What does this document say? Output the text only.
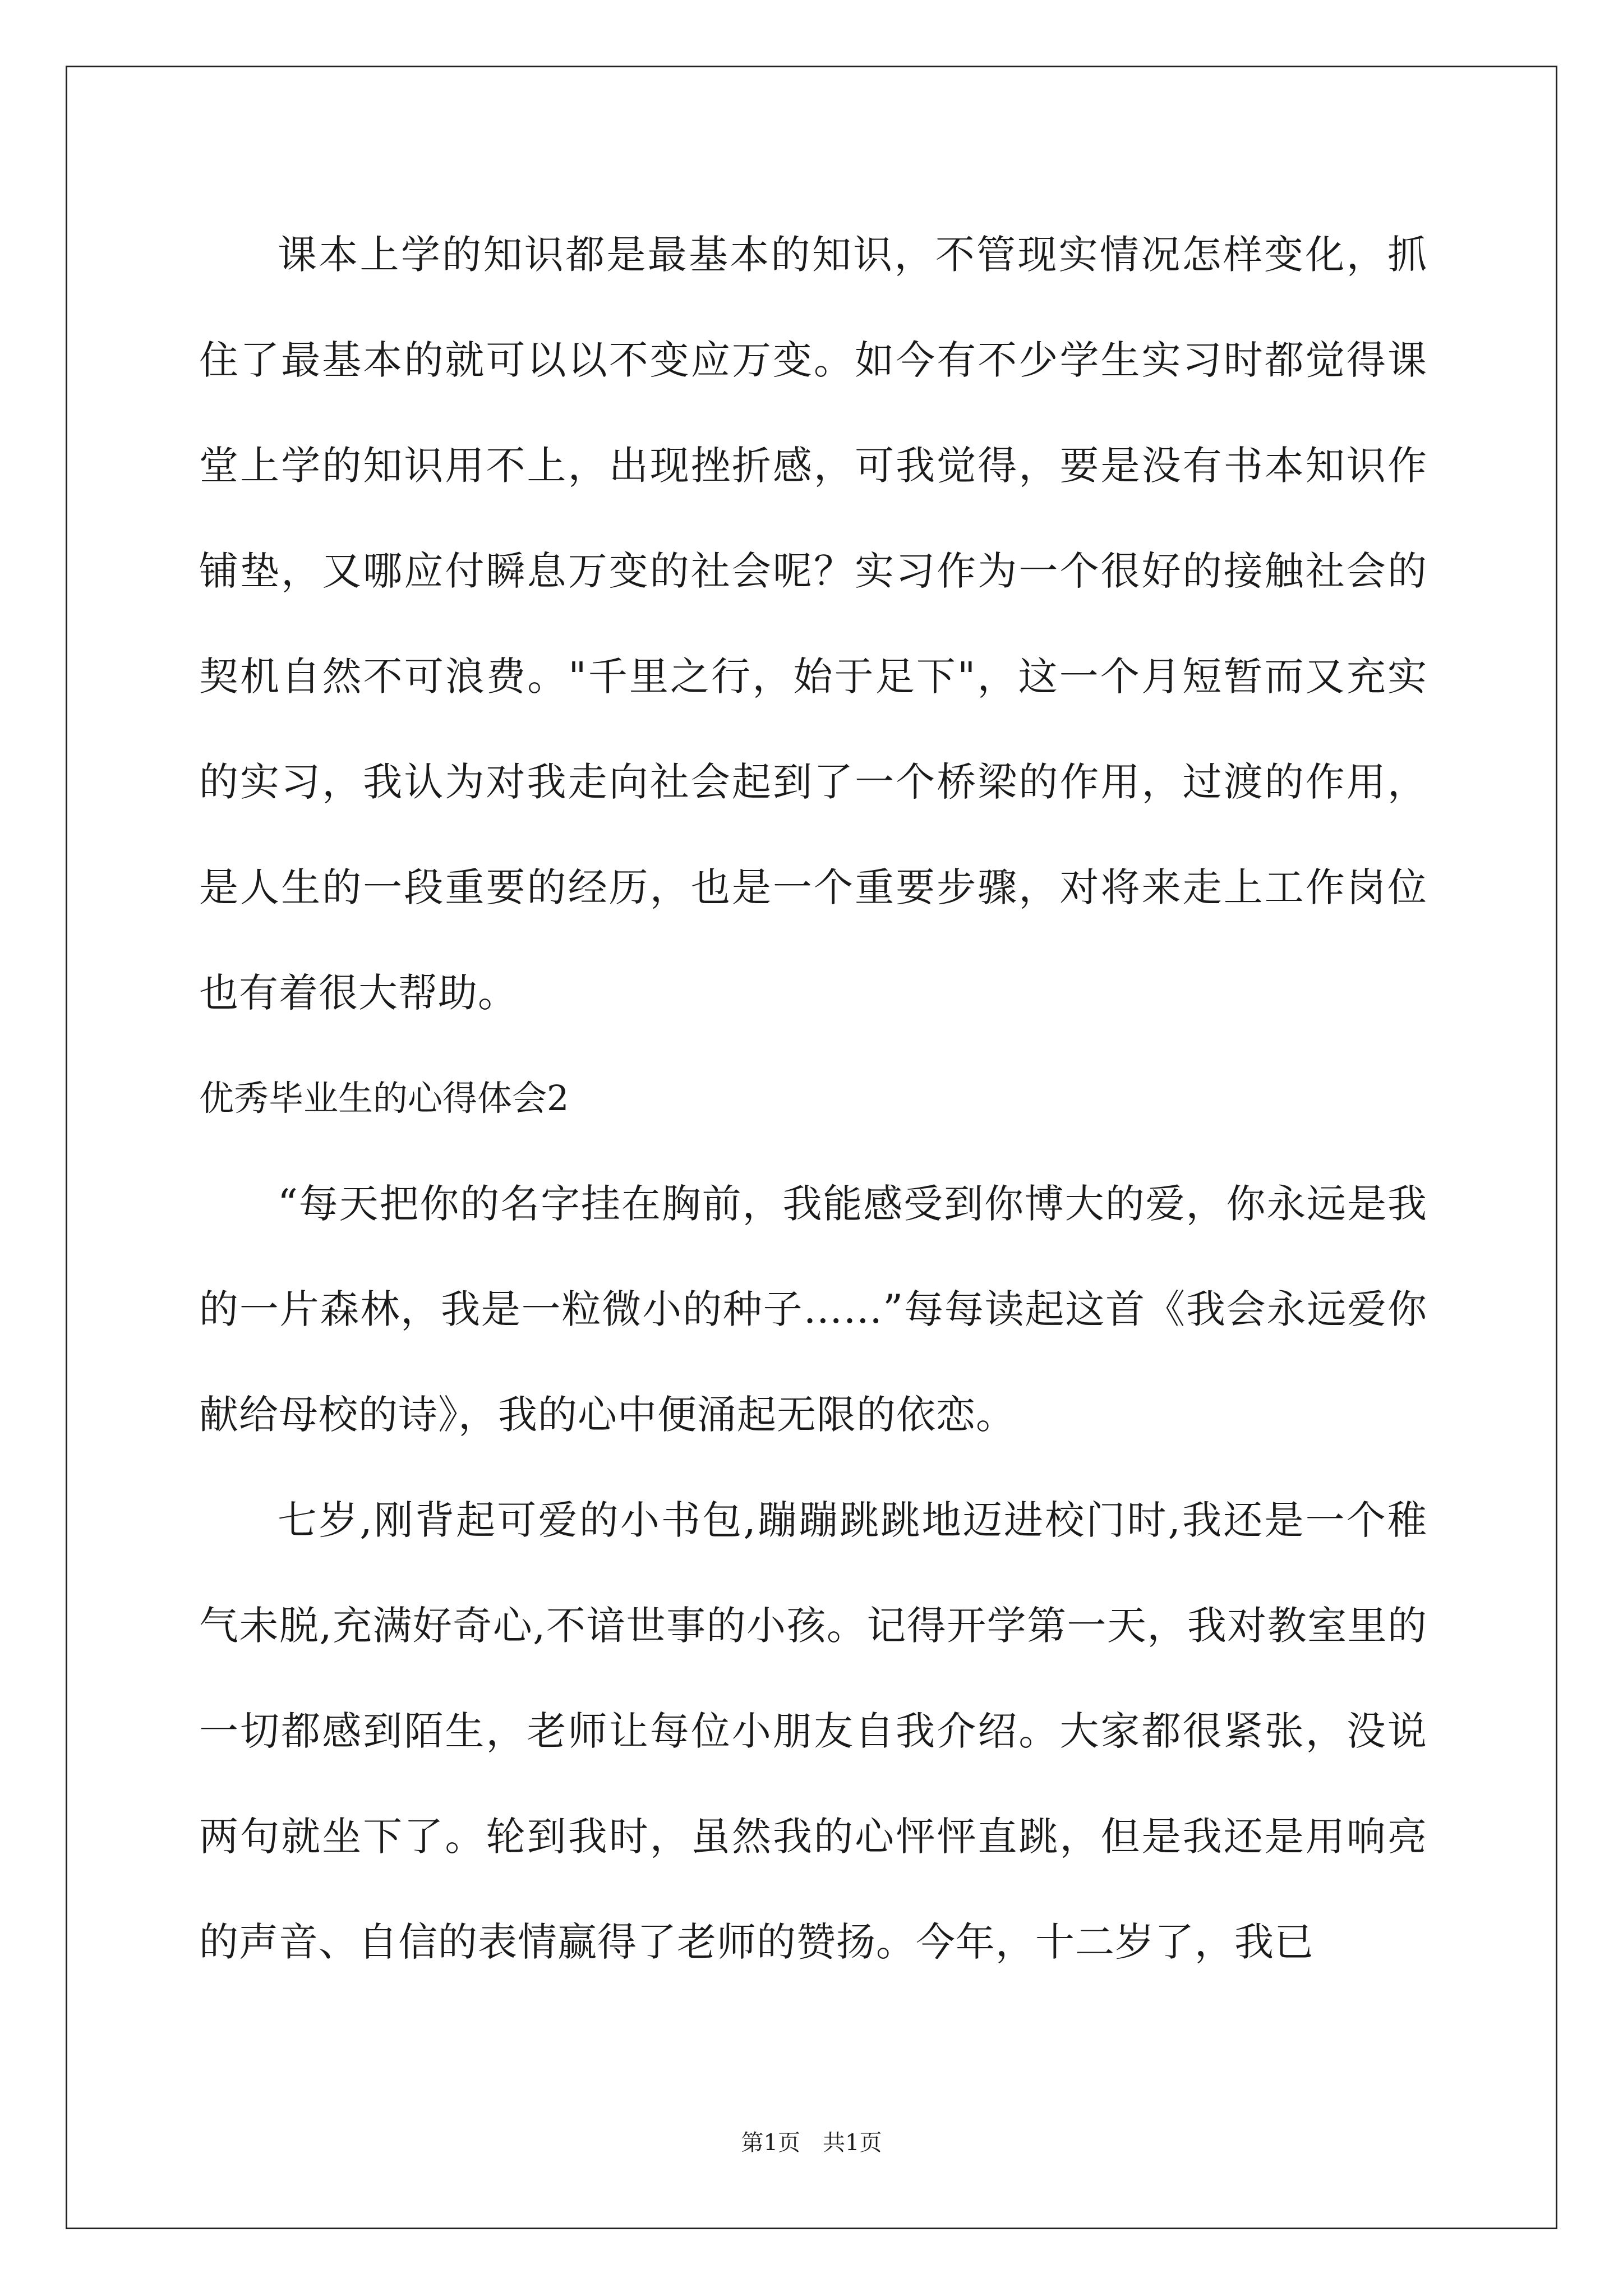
课本上学的知识都是最基本的知识，不管现实情况怎样变化，抓住了最基本的就可以以不变应万变。如今有不少学生实习时都觉得课堂上学的知识用不上，出现挫折感，可我觉得，要是没有书本知识作铺垫，又哪应付瞬息万变的社会呢？实习作为一个很好的接触社会的契机自然不可浪费。"千里之行，始于足下"，这一个月短暂而又充实的实习，我认为对我走向社会起到了一个桥梁的作用，过渡的作用，是人生的一段重要的经历，也是一个重要步骤，对将来走上工作岗位也有着很大帮助。

优秀毕业生的心得体会2

“每天把你的名字挂在胸前，我能感受到你博大的爱，你永远是我的一片森林，我是一粒微小的种子……”每每读起这首《我会永远爱你献给母校的诗》，我的心中便涌起无限的依恋。

七岁,刚背起可爱的小书包,蹦蹦跳跳地迈进校门时,我还是一个稚气未脱,充满好奇心,不谙世事的小孩。记得开学第一天，我对教室里的一切都感到陌生，老师让每位小朋友自我介绍。大家都很紧张，没说两句就坐下了。轮到我时，虽然我的心怦怦直跳，但是我还是用响亮的声音、自信的表情赢得了老师的赞扬。今年，十二岁了，我已

第1页　共1页
